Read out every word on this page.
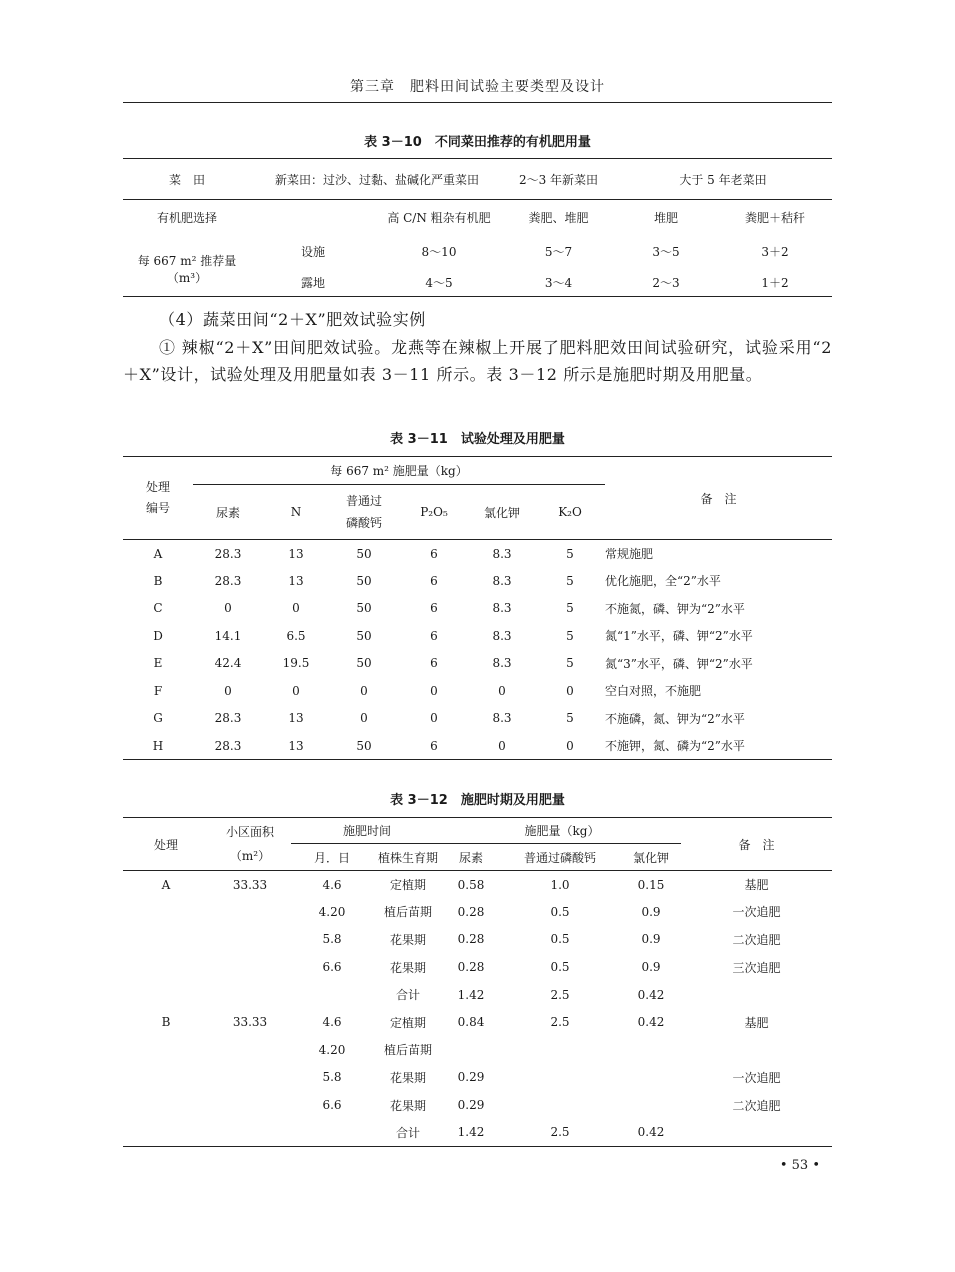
第三章　肥料田间试验主要类型及设计
表 3－10　不同菜田推荐的有机肥用量
菜　田	新菜田：过沙、过黏、盐碱化严重菜田		2～3 年新菜田	大于 5 年老菜田	
有机肥选择		高 C/N 粗杂有机肥	粪肥、堆肥	堆肥	粪肥＋秸秆
每 667 m² 推荐量	设施	8～10	5～7	3～5	3＋2
（m³）	露地	4～5	3～4	2～3	1＋2
（4）蔬菜田间“2＋X”肥效试验实例
① 辣椒“2＋X”田间肥效试验。龙燕等在辣椒上开展了肥料肥效田间试验研究，试验采用“2＋X”设计，试验处理及用肥量如表 3－11 所示。表 3－12 所示是施肥时期及用肥量。
表 3－11　试验处理及用肥量
处理
编号	每 667 m² 施肥量（kg）						备　注
	尿素	N	普通过
磷酸钙	P₂O₅	氯化钾	K₂O	
A	28.3	13	50	6	8.3	5	常规施肥
B	28.3	13	50	6	8.3	5	优化施肥，全“2”水平
C	0	0	50	6	8.3	5	不施氮，磷、钾为“2”水平
D	14.1	6.5	50	6	8.3	5	氮“1”水平，磷、钾“2”水平
E	42.4	19.5	50	6	8.3	5	氮“3”水平，磷、钾“2”水平
F	0	0	0	0	0	0	空白对照，不施肥
G	28.3	13	0	0	8.3	5	不施磷，氮、钾为“2”水平
H	28.3	13	50	6	0	0	不施钾，氮、磷为“2”水平
表 3－12　施肥时期及用肥量
处理	小区面积
（m²）	施肥时间		施肥量（kg）			备　注
		月．日	植株生育期	尿素	普通过磷酸钙	氯化钾	
A	33.33	4.6	定植期	0.58	1.0	0.15	基肥
		4.20	植后苗期	0.28	0.5	0.9	一次追肥
		5.8	花果期	0.28	0.5	0.9	二次追肥
		6.6	花果期	0.28	0.5	0.9	三次追肥
			合计	1.42	2.5	0.42	
B	33.33	4.6	定植期	0.84	2.5	0.42	基肥
		4.20	植后苗期				
		5.8	花果期	0.29			一次追肥
		6.6	花果期	0.29			二次追肥
			合计	1.42	2.5	0.42	
• 53 •
